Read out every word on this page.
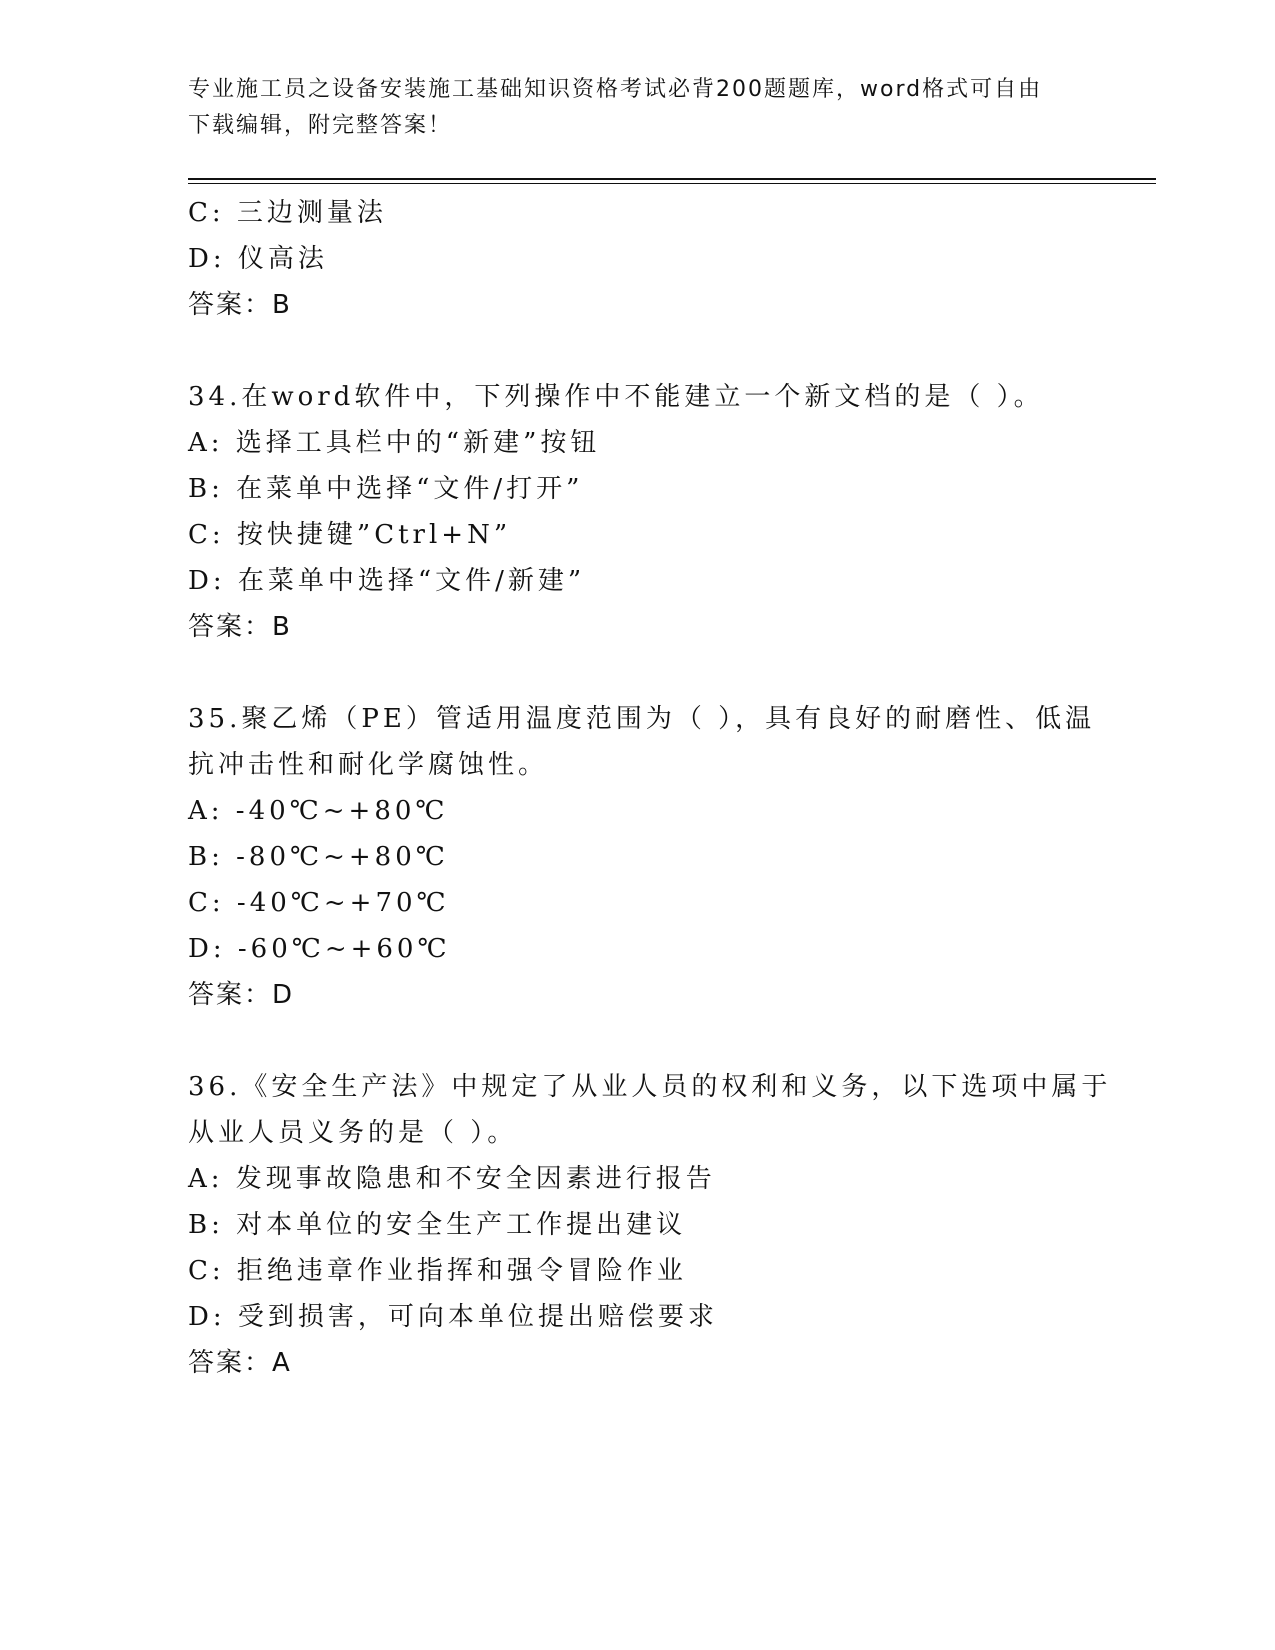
专业施工员之设备安装施工基础知识资格考试必背200题题库，word格式可自由
下载编辑，附完整答案！
C: 三边测量法
D: 仪高法
答案：B
34.在word软件中，下列操作中不能建立一个新文档的是（ ）。
A: 选择工具栏中的“新建”按钮
B: 在菜单中选择“文件/打开”
C: 按快捷键”Ctrl+N”
D: 在菜单中选择“文件/新建”
答案：B
35.聚乙烯（PE）管适用温度范围为（ ），具有良好的耐磨性、低温
抗冲击性和耐化学腐蚀性。
A: -40℃~+80℃
B: -80℃~+80℃
C: -40℃~+70℃
D: -60℃~+60℃
答案：D
36.《安全生产法》中规定了从业人员的权利和义务，以下选项中属于
从业人员义务的是（ ）。
A: 发现事故隐患和不安全因素进行报告
B: 对本单位的安全生产工作提出建议
C: 拒绝违章作业指挥和强令冒险作业
D: 受到损害，可向本单位提出赔偿要求
答案：A
